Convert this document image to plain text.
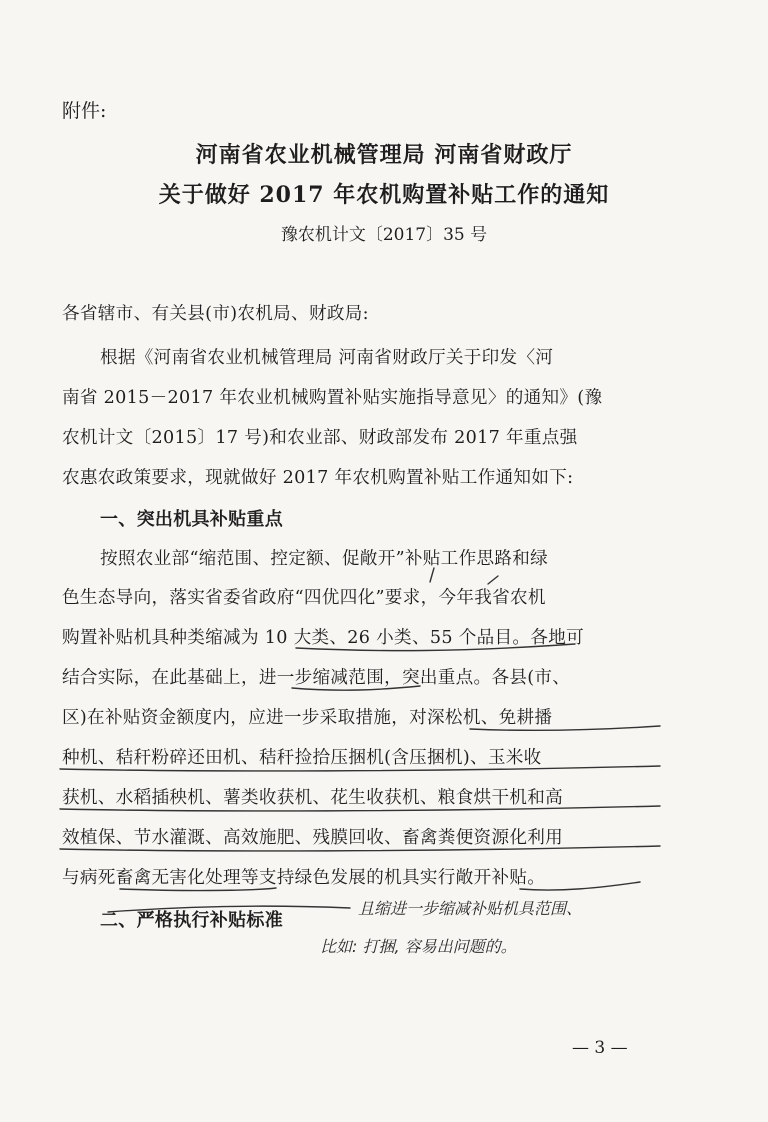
附件:
河南省农业机械管理局 河南省财政厅
关于做好 2017 年农机购置补贴工作的通知
豫农机计文〔2017〕35 号
各省辖市、有关县(市)农机局、财政局:
根据《河南省农业机械管理局 河南省财政厅关于印发〈河
南省 2015－2017 年农业机械购置补贴实施指导意见〉的通知》(豫
农机计文〔2015〕17 号)和农业部、财政部发布 2017 年重点强
农惠农政策要求，现就做好 2017 年农机购置补贴工作通知如下:
一、突出机具补贴重点
按照农业部“缩范围、控定额、促敞开”补贴工作思路和绿
色生态导向，落实省委省政府“四优四化”要求，今年我省农机
购置补贴机具种类缩减为 10 大类、26 小类、55 个品目。各地可
结合实际，在此基础上，进一步缩减范围，突出重点。各县(市、
区)在补贴资金额度内，应进一步采取措施，对深松机、免耕播
种机、秸秆粉碎还田机、秸秆捡拾压捆机(含压捆机)、玉米收
获机、水稻插秧机、薯类收获机、花生收获机、粮食烘干机和高
效植保、节水灌溉、高效施肥、残膜回收、畜禽粪便资源化利用
与病死畜禽无害化处理等支持绿色发展的机具实行敞开补贴。
二、严格执行补贴标准
且缩进一步缩减补贴机具范围、
比如: 打捆, 容易出问题的。
— 3 —
